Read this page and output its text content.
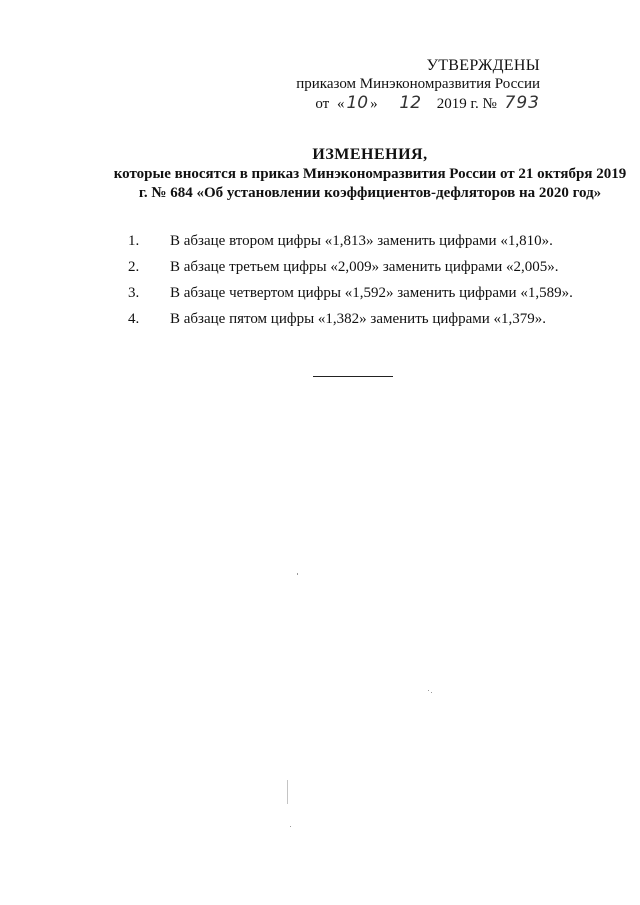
УТВЕРЖДЕНЫ
приказом Минэкономразвития России
от « 10 » 12 2019 г. № 793
ИЗМЕНЕНИЯ,
которые вносятся в приказ Минэкономразвития России от 21 октября 2019 г. № 684 «Об установлении коэффициентов-дефляторов на 2020 год»
1.	В абзаце втором цифры «1,813» заменить цифрами «1,810».
2.	В абзаце третьем цифры «2,009» заменить цифрами «2,005».
3.	В абзаце четвертом цифры «1,592» заменить цифрами «1,589».
4.	В абзаце пятом цифры «1,382» заменить цифрами «1,379».
